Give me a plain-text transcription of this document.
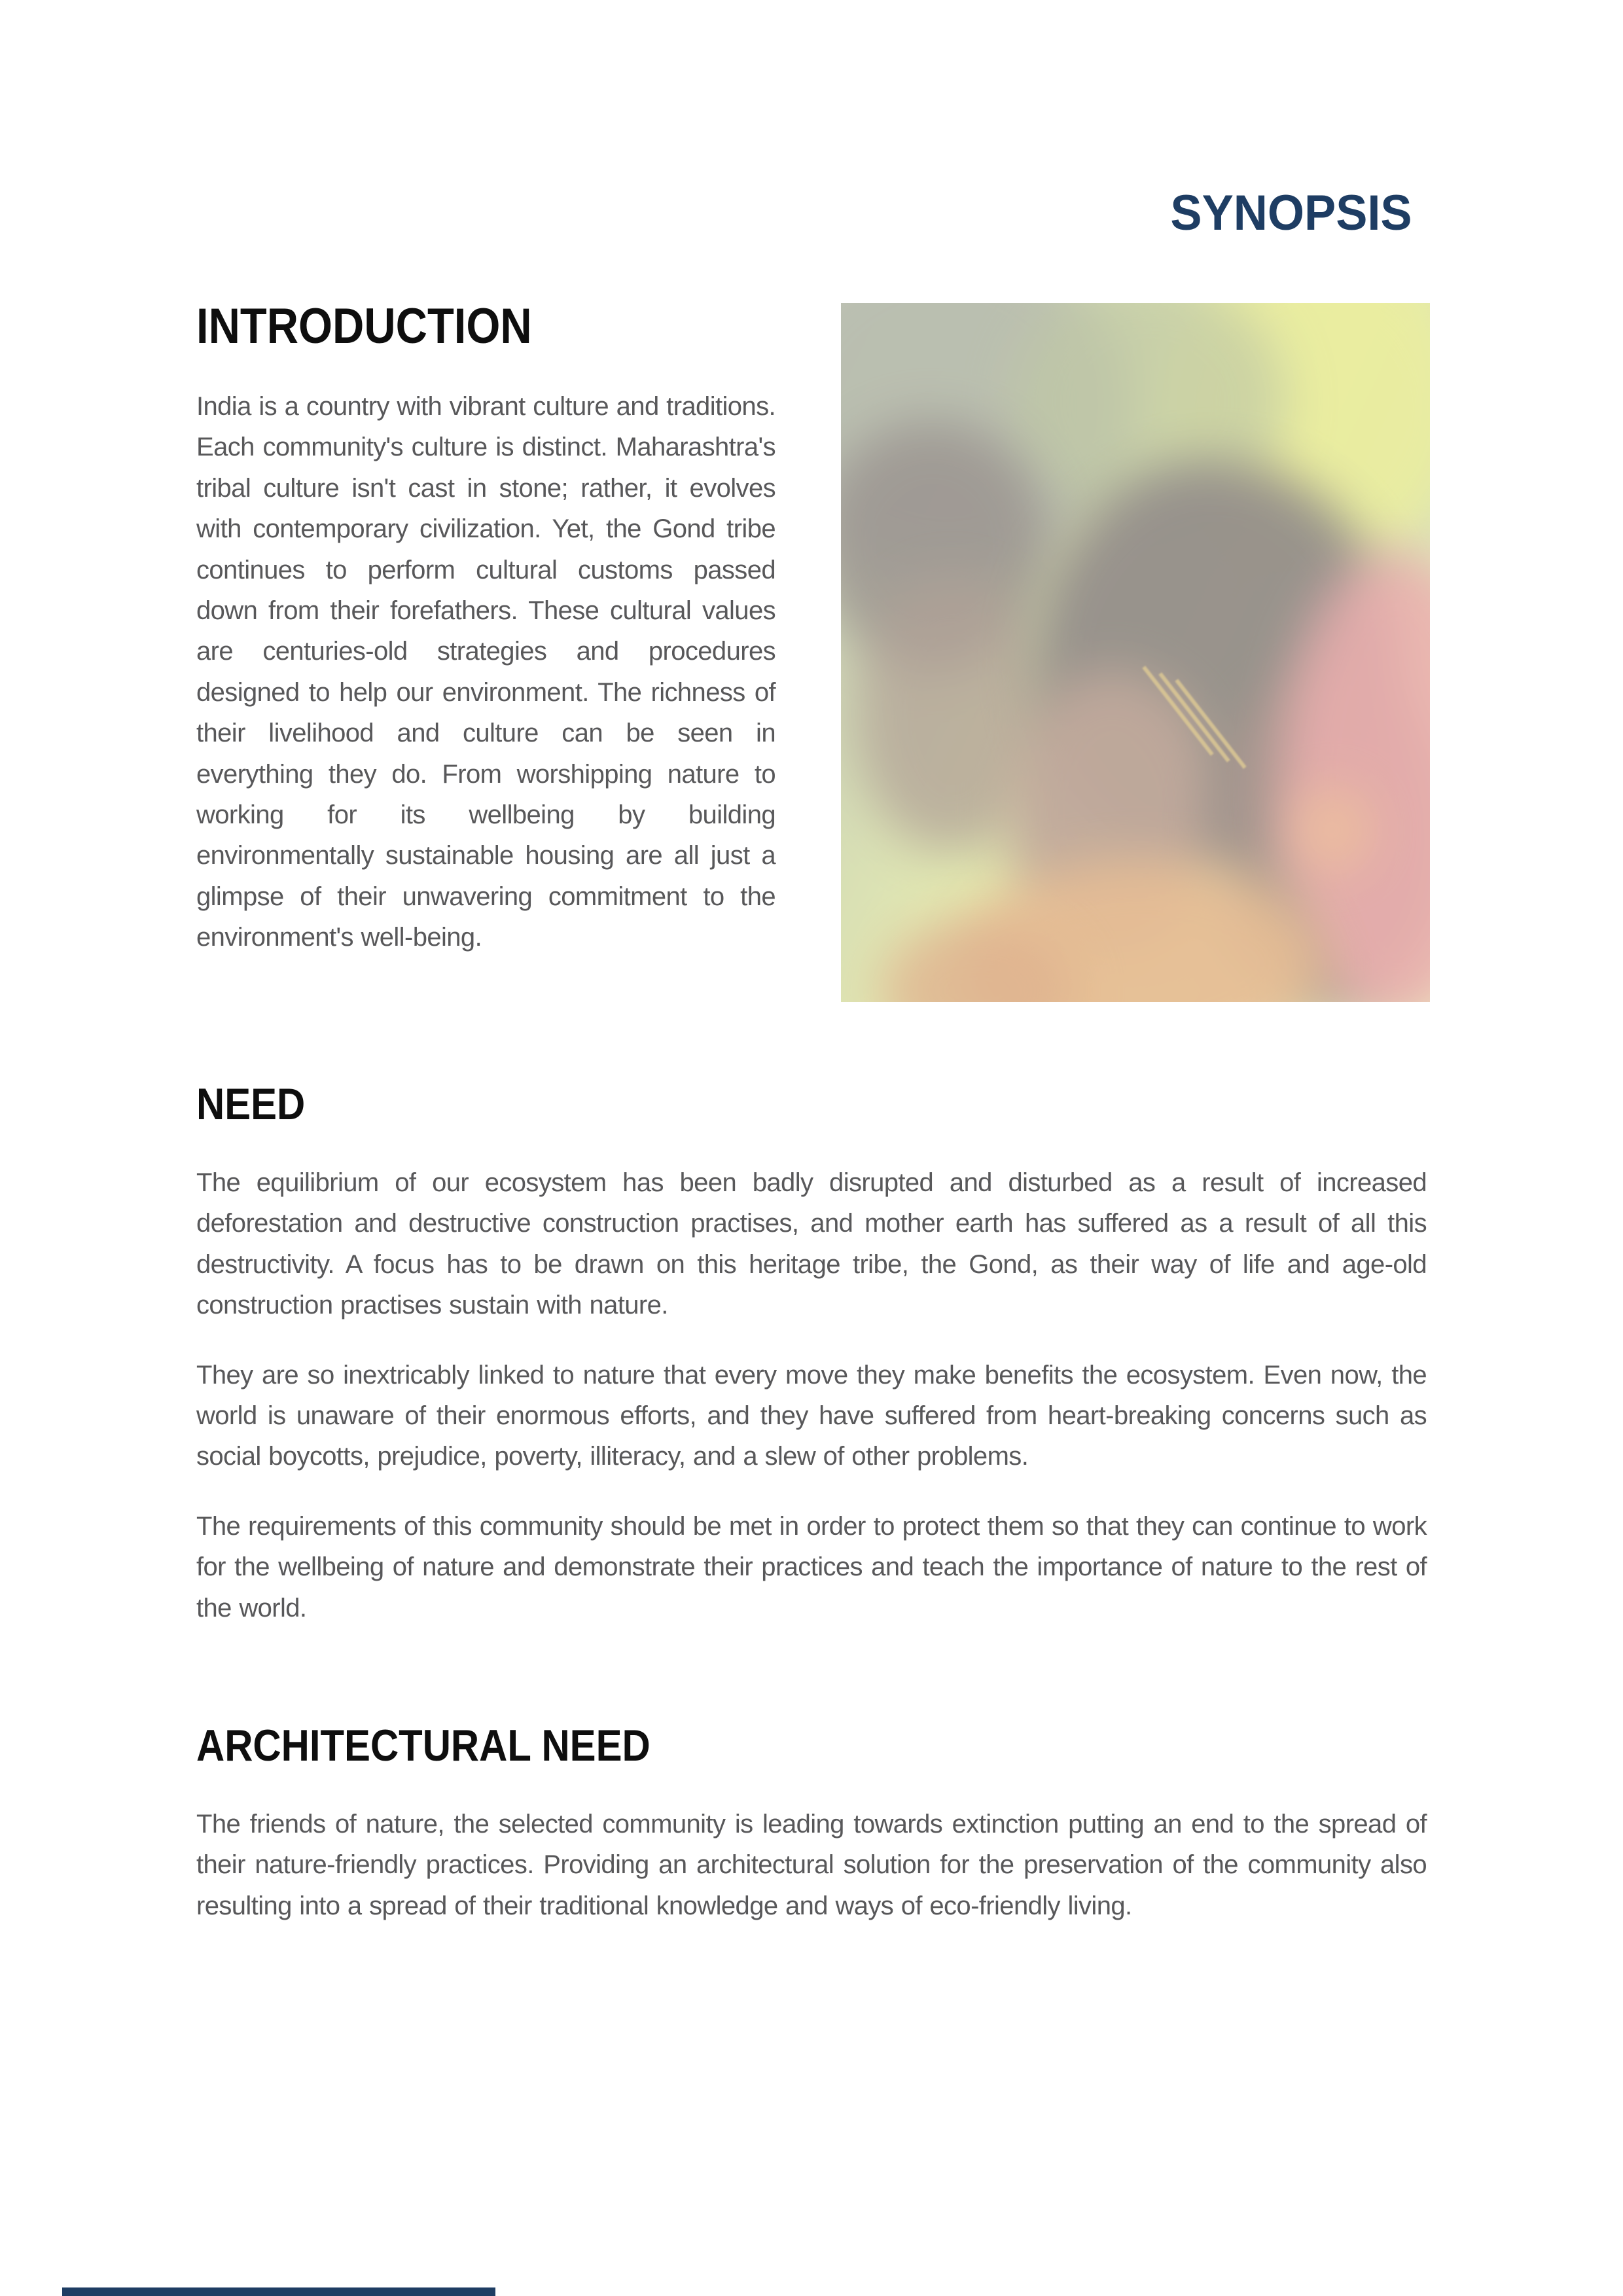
SYNOPSIS
INTRODUCTION

India is a country with vibrant culture and traditions. Each community's culture is distinct. Maharashtra's tribal culture isn't cast in stone; rather, it evolves with contemporary civilization. Yet, the Gond tribe continues to perform cultural customs passed down from their forefathers. These cultural values are centuries-old strategies and procedures designed to help our environment. The richness of their livelihood and culture can be seen in everything they do. From worshipping nature to working for its wellbeing by building environmentally sustainable housing are all just a glimpse of their unwavering commitment to the environment's well-being.

NEED

The equilibrium of our ecosystem has been badly disrupted and disturbed as a result of increased deforestation and destructive construction practises, and mother earth has suffered as a result of all this destructivity. A focus has to be drawn on this heritage tribe, the Gond, as their way of life and age-old construction practises sustain with nature.

They are so inextricably linked to nature that every move they make benefits the ecosystem. Even now, the world is unaware of their enormous efforts, and they have suffered from heart-breaking concerns such as social boycotts, prejudice, poverty, illiteracy, and a slew of other problems.

The requirements of this community should be met in order to protect them so that they can continue to work for the wellbeing of nature and demonstrate their practices and teach the importance of nature to the rest of the world.

ARCHITECTURAL NEED

The friends of nature, the selected community is leading towards extinction putting an end to the spread of their nature-friendly practices. Providing an architectural solution for the preservation of the community also resulting into a spread of their traditional knowledge and ways of eco-friendly living.
